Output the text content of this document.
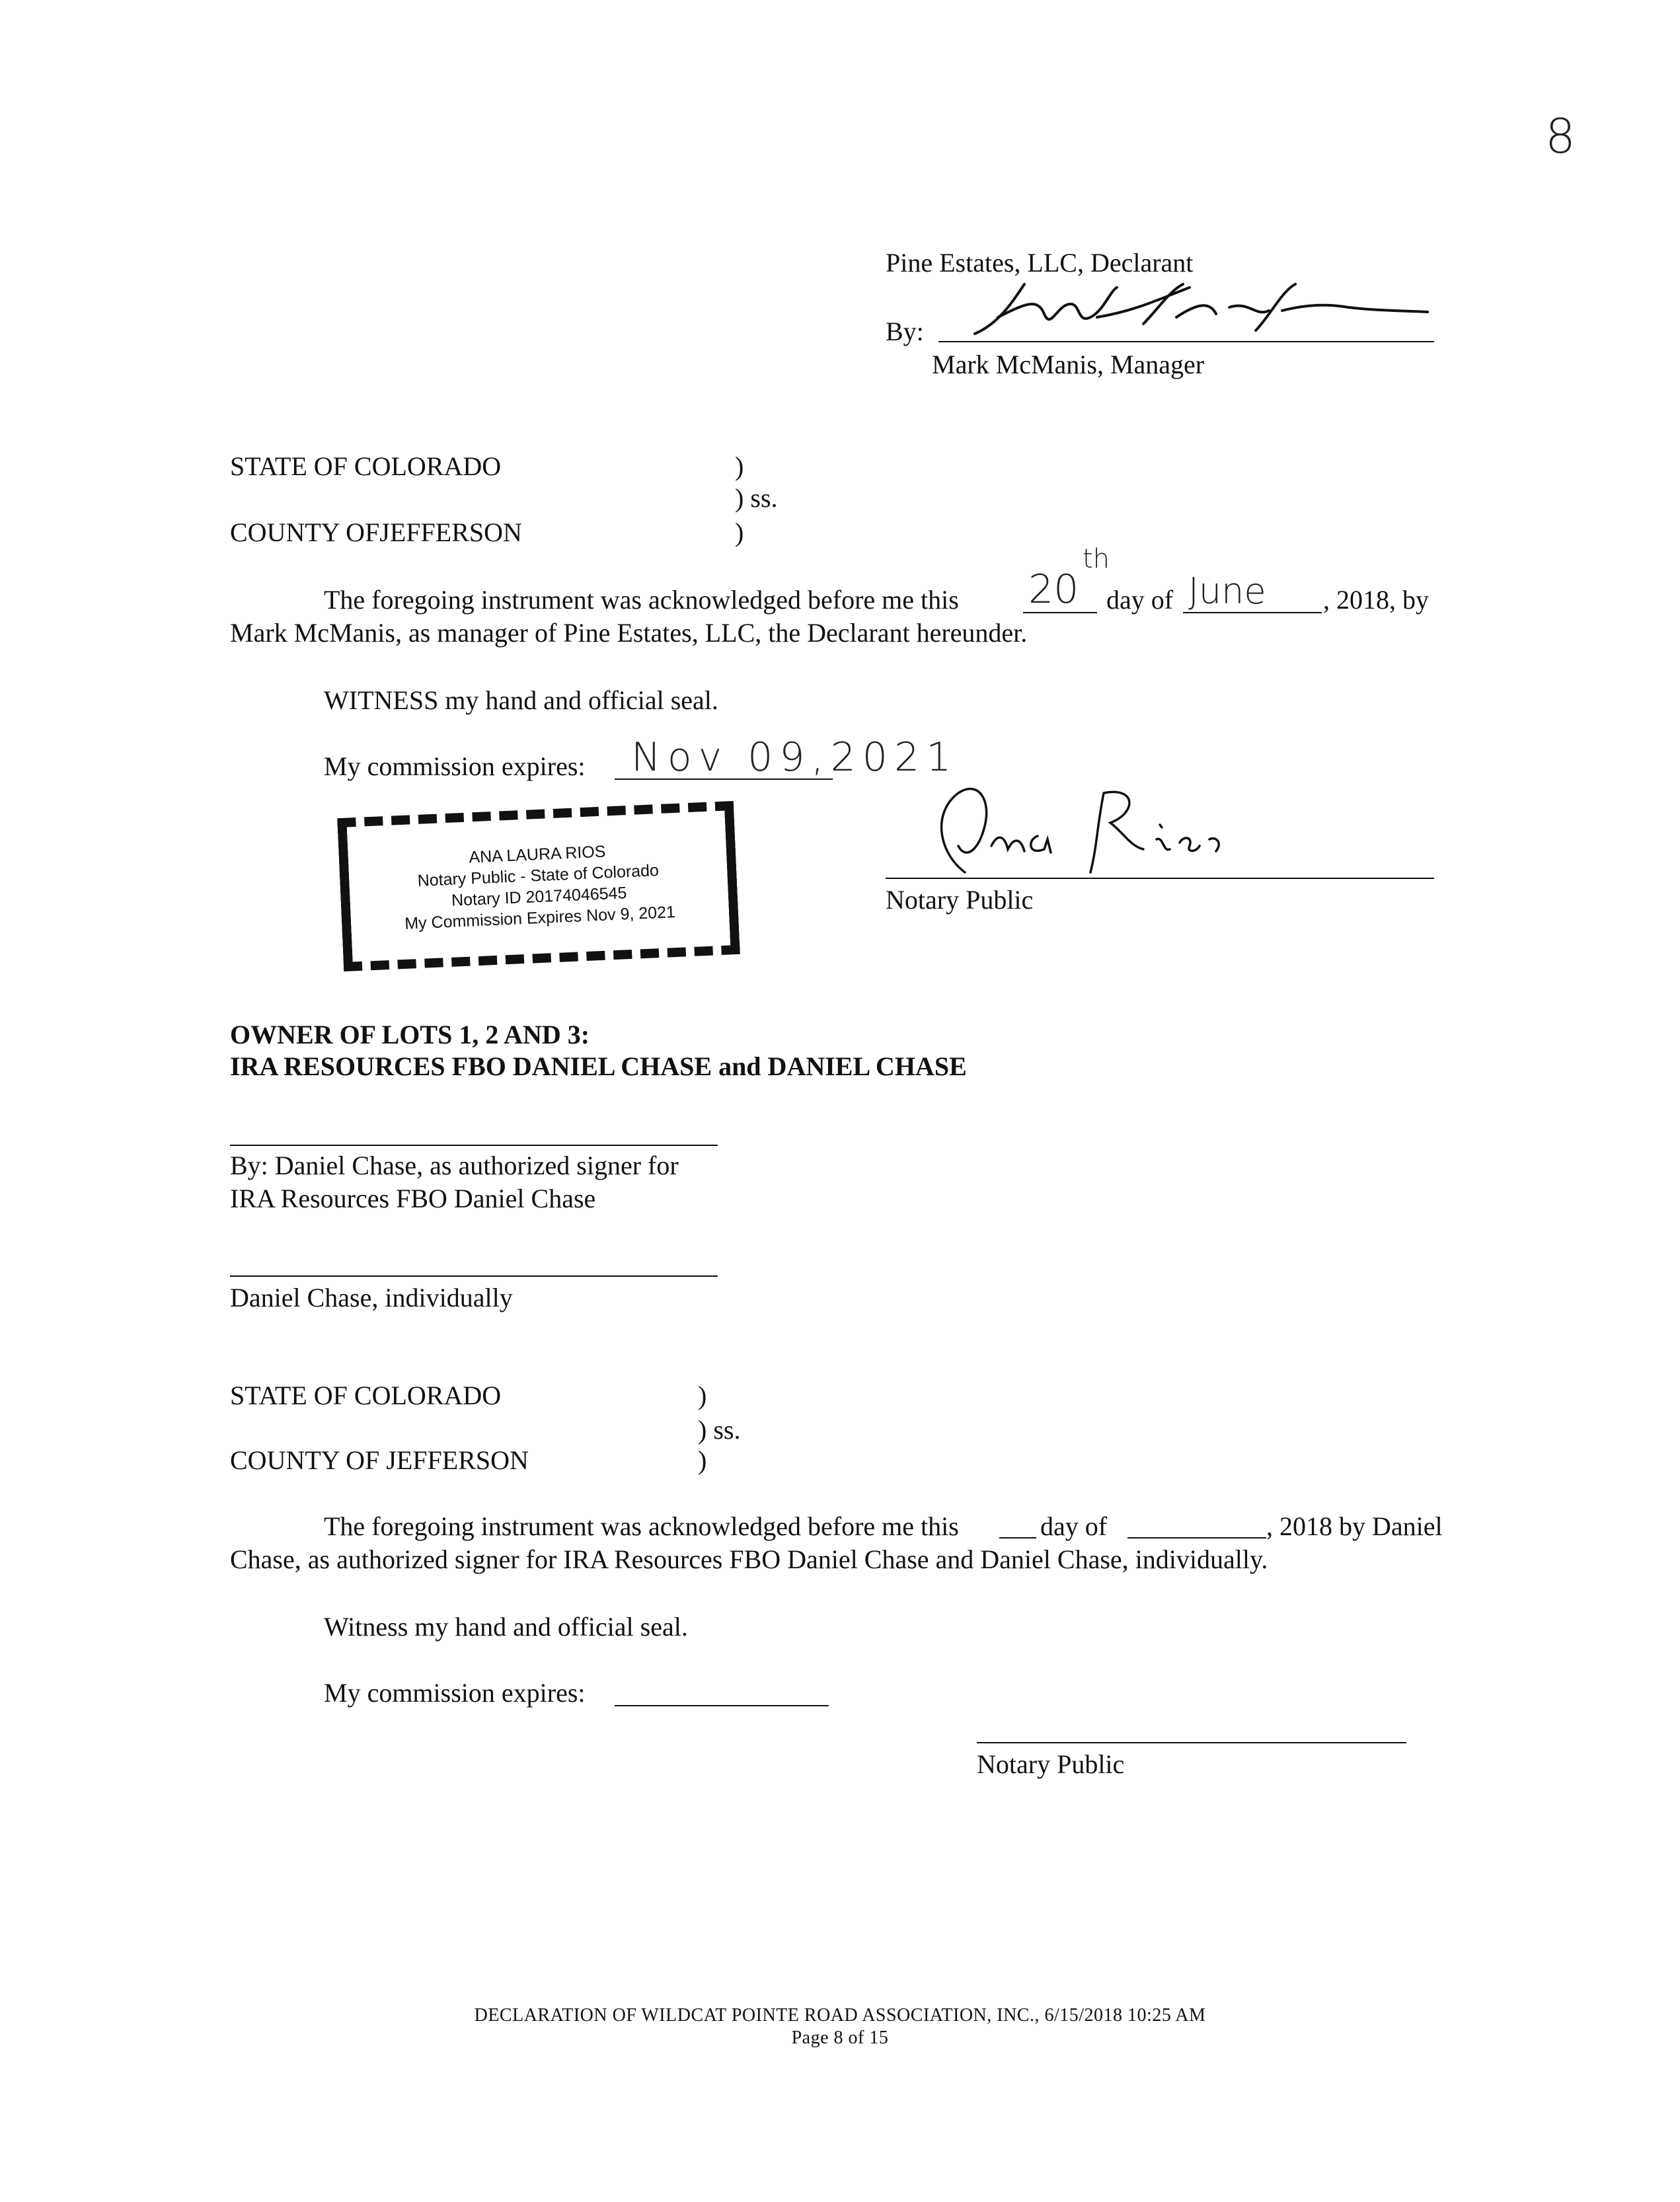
8
Pine Estates, LLC, Declarant
By:
Mark McManis, Manager
STATE OF COLORADO	)
) ss.
COUNTY OFJEFFERSON	)
The foregoing instrument was acknowledged before me this 20
th
day of June , 2018, by
Mark McManis, as manager of Pine Estates, LLC, the Declarant hereunder.
WITNESS my hand and official seal.
My commission expires: Nov 09,2021
Notary Public
ANA LAURA RIOS
Notary Public - State of Colorado
Notary ID 20174046545
My Commission Expires Nov 9, 2021
OWNER OF LOTS 1, 2 AND 3:
IRA RESOURCES FBO DANIEL CHASE and DANIEL CHASE
By: Daniel Chase, as authorized signer for
IRA Resources FBO Daniel Chase
Daniel Chase, individually
STATE OF COLORADO	)
) ss.
COUNTY OF JEFFERSON	)
The foregoing instrument was acknowledged before me this	day of	, 2018 by Daniel
Chase, as authorized signer for IRA Resources FBO Daniel Chase and Daniel Chase, individually.
Witness my hand and official seal.
My commission expires:
Notary Public
DECLARATION OF WILDCAT POINTE ROAD ASSOCIATION, INC., 6/15/2018 10:25 AM
Page 8 of 15
